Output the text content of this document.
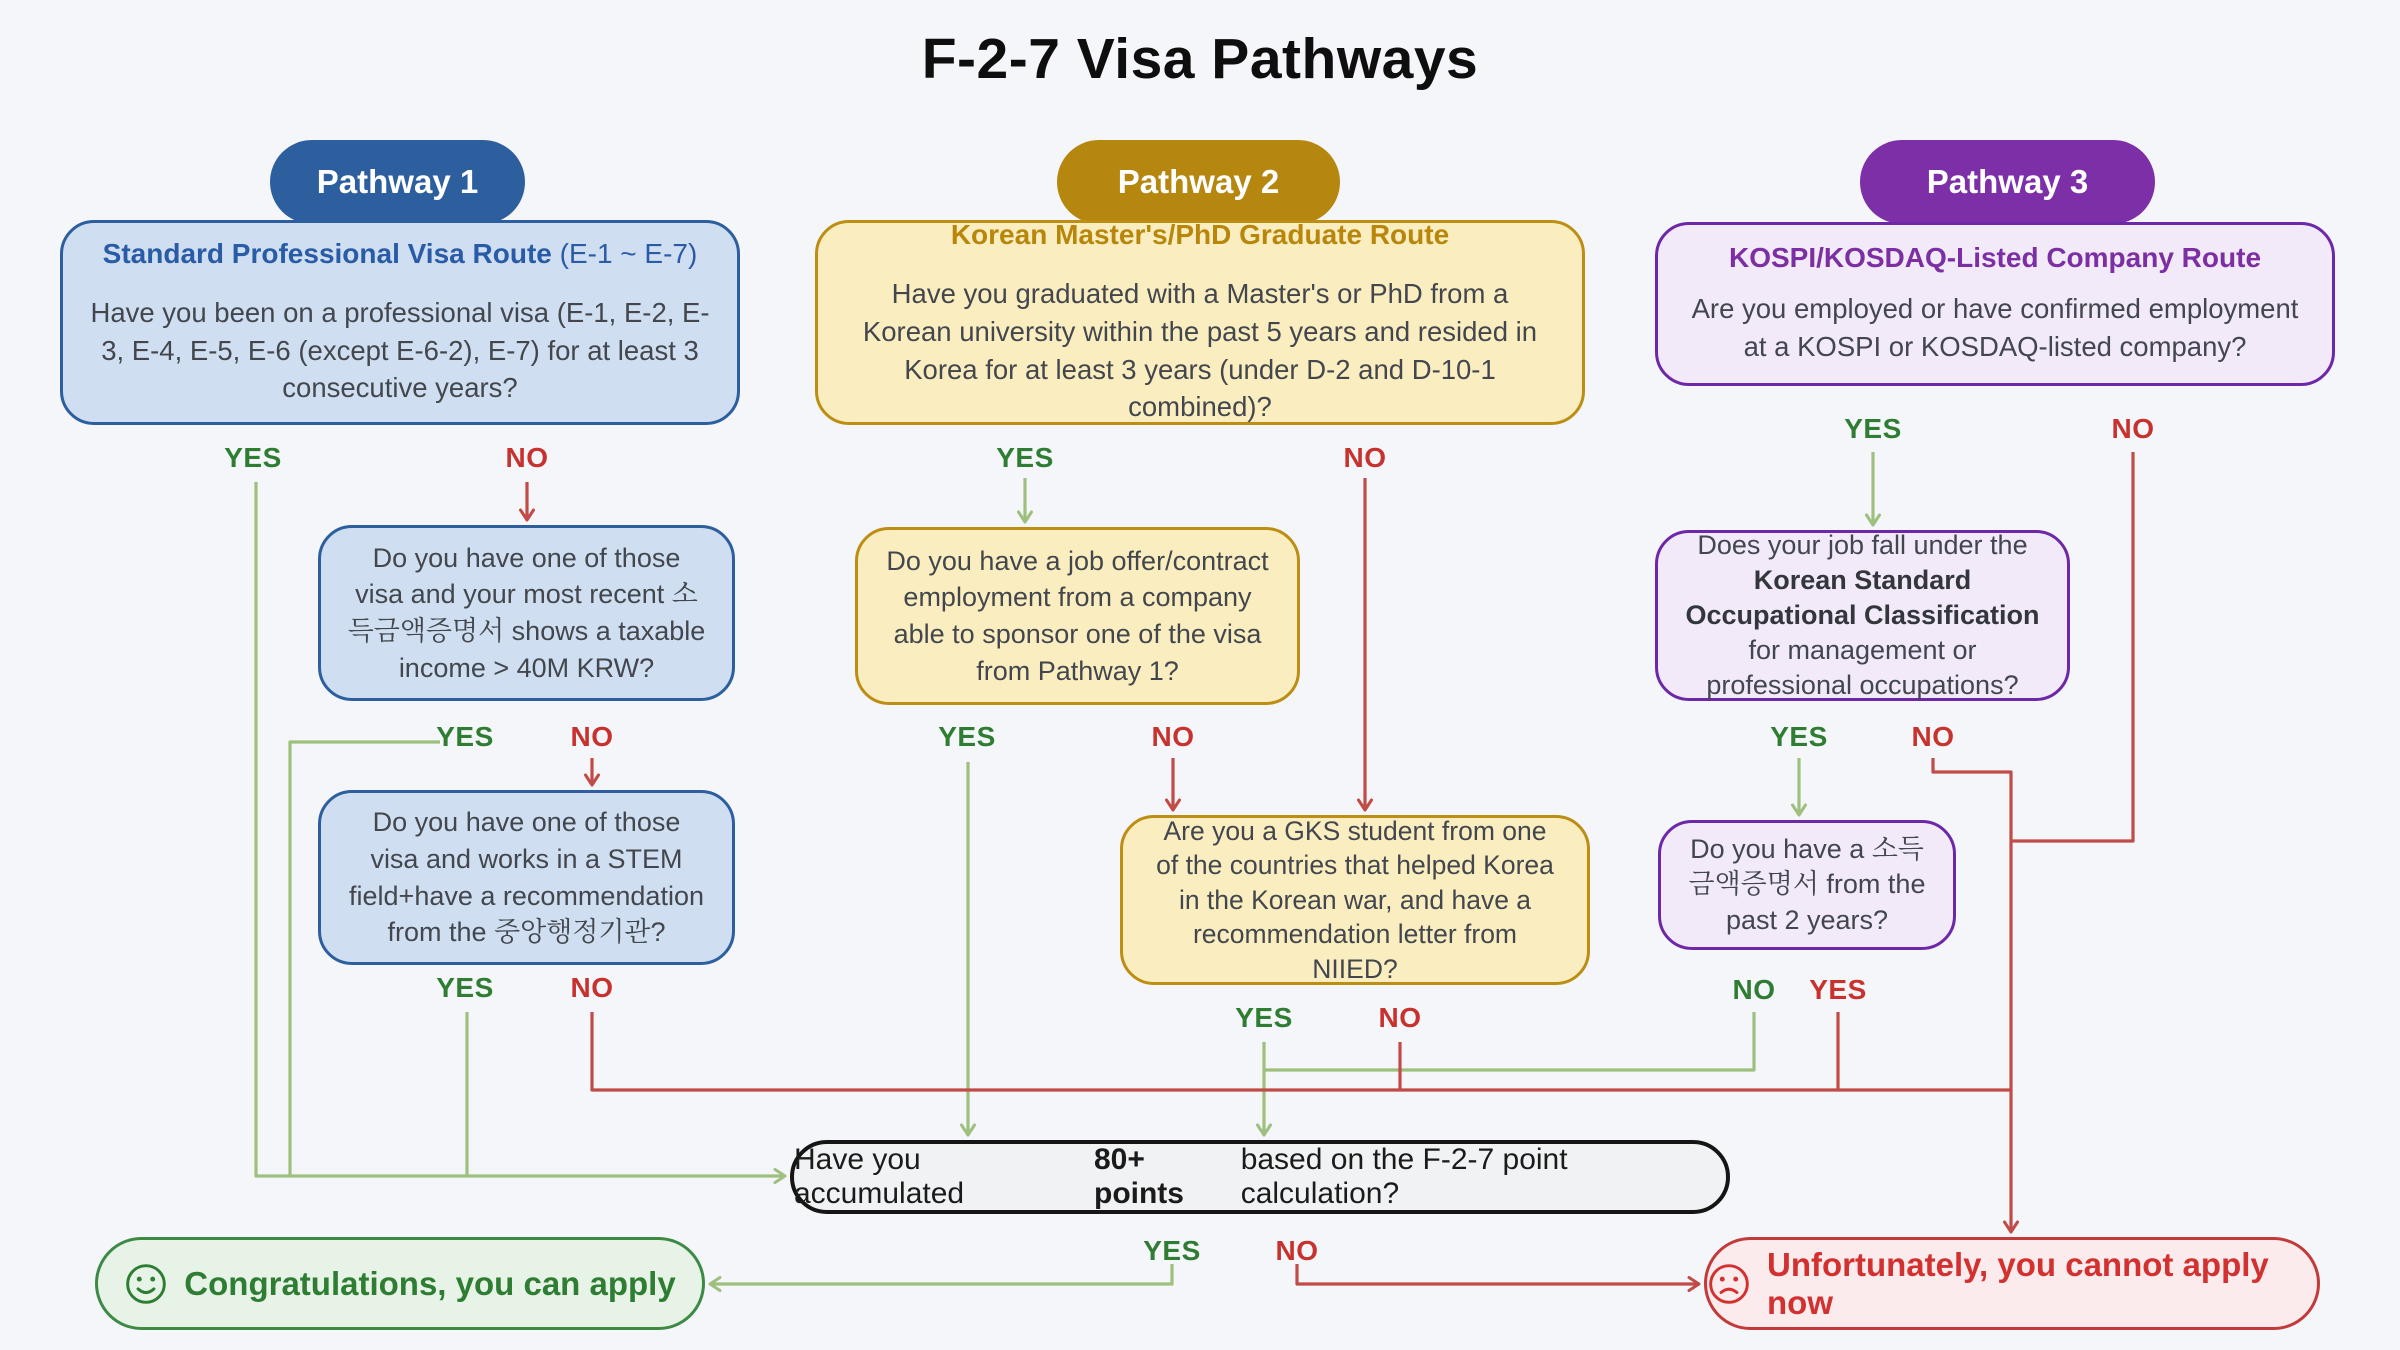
F-2-7 Visa Pathways
Pathway 1	Pathway 2	Pathway 3
Standard Professional Visa Route (E-1 ~ E-7)
Have you been on a professional visa (E-1, E-2, E-3, E-4, E-5, E-6 (except E-6-2), E-7) for at least 3 consecutive years?
Korean Master's/PhD Graduate Route
Have you graduated with a Master's or PhD from a Korean university within the past 5 years and resided in Korea for at least 3 years (under D-2 and D-10-1 combined)?
KOSPI/KOSDAQ-Listed Company Route
Are you employed or have confirmed employment at a KOSPI or KOSDAQ-listed company?
Do you have one of those visa and your most recent 소득금액증명서 shows a taxable income > 40M KRW?
Do you have a job offer/contract employment from a company able to sponsor one of the visa from Pathway 1?
Does your job fall under the Korean Standard Occupational Classification for management or professional occupations?
Do you have one of those visa and works in a STEM field+have a recommendation from the 중앙행정기관?
Are you a GKS student from one of the countries that helped Korea in the Korean war, and have a recommendation letter from NIIED?
Do you have a 소득금액증명서 from the past 2 years?
Have you accumulated
80+ points
based on the F-2-7 point calculation?
Congratulations, you can apply
Unfortunately, you cannot apply now
YES	NO
YES	NO
YES	NO
YES	NO
YES	NO
YES	NO
YES	NO
YES	NO
NO YES
YES	NO
